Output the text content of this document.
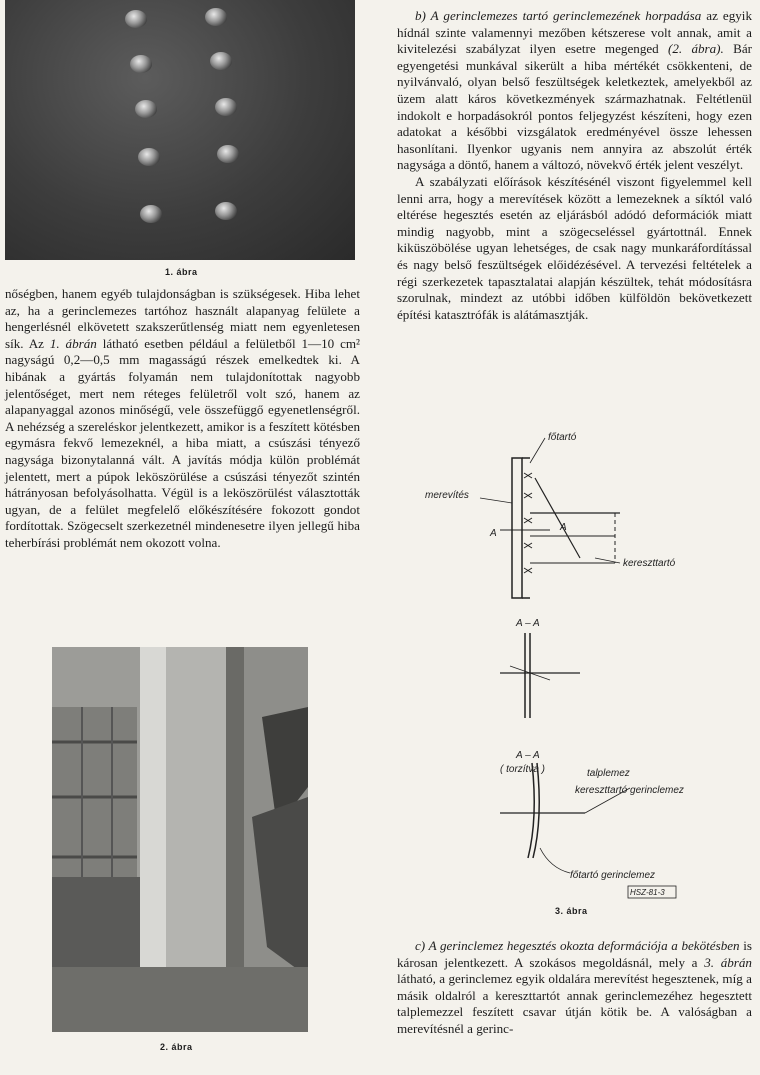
1. ábra

nőségben, hanem egyéb tulajdonságban is szükségesek. Hiba lehet az, ha a gerinclemezes tartóhoz használt alapanyag felülete a hengerlésnél elkövetett szakszerűtlenség miatt nem egyenletesen sík. Az 1. ábrán látható esetben például a felületből 1—10 cm² nagyságú 0,2—0,5 mm magasságú részek emelkedtek ki. A hibának a gyártás folyamán nem tulajdonítottak nagyobb jelentőséget, mert nem réteges felületről volt szó, hanem az alapanyaggal azonos minőségű, vele összefüggő egyenetlenségről. A nehézség a szereléskor jelentkezett, amikor is a feszített kötésben egymásra fekvő lemezeknél, a hiba miatt, a csúszási tényező nagysága bizonytalanná vált. A javítás módja külön problémát jelentett, mert a púpok leköszörülése a csúszási tényezőt szintén hátrányosan befolyásolhatta. Végül is a leköszörülést választották ugyan, de a felület megfelelő előkészítésére fokozott gondot fordítottak. Szögecselt szerkezetnél mindenesetre ilyen jellegű hiba teherbírási problémát nem okozott volna.

2. ábra

b) A gerinclemezes tartó gerinclemezének horpadása az egyik hídnál szinte valamennyi mezőben kétszerese volt annak, amit a kivitelezési szabályzat ilyen esetre megenged (2. ábra). Bár egyengetési munkával sikerült a hiba mértékét csökkenteni, de nyilvánvaló, olyan belső feszültségek keletkeztek, amelyekből az üzem alatt káros következmények származhatnak. Feltétlenül indokolt e horpadásokról pontos feljegyzést készíteni, hogy ezen adatokat a későbbi vizsgálatok eredményével össze lehessen hasonlítani. Ilyenkor ugyanis nem annyira az abszolút érték nagysága a döntő, hanem a változó, növekvő érték jelent veszélyt.

A szabályzati előírások készítésénél viszont figyelemmel kell lenni arra, hogy a merevítések között a lemezeknek a síktól való eltérése hegesztés esetén az eljárásból adódó deformációk miatt mindig nagyobb, mint a szögecseléssel gyártottnál. Ennek kiküszöbölése ugyan lehetséges, de csak nagy munkaráfordítással és nagy belső feszültségek előidézésével. A tervezési feltételek a régi szerkezetek tapasztalatai alapján készültek, tehát módosításra szorulnak, mindezt az utóbbi időben külföldön bekövetkezett építési katasztrófák is alátámasztják.

főtartó
merevítés
A
A
kereszttartó
A – A
A – A
( torzítva )	talplemez
kereszttartó gerinclemez
főtartó gerinclemez
HSZ-81-3
3. ábra

c) A gerinclemez hegesztés okozta deformációja a bekötésben is károsan jelentkezett. A szokásos megoldásnál, mely a 3. ábrán látható, a gerinclemez egyik oldalára merevítést hegesztenek, míg a másik oldalról a kereszttartót annak gerinclemezéhez hegesztett talplemezzel feszített csavar útján kötik be. A valóságban a merevítésnél a gerinc-
